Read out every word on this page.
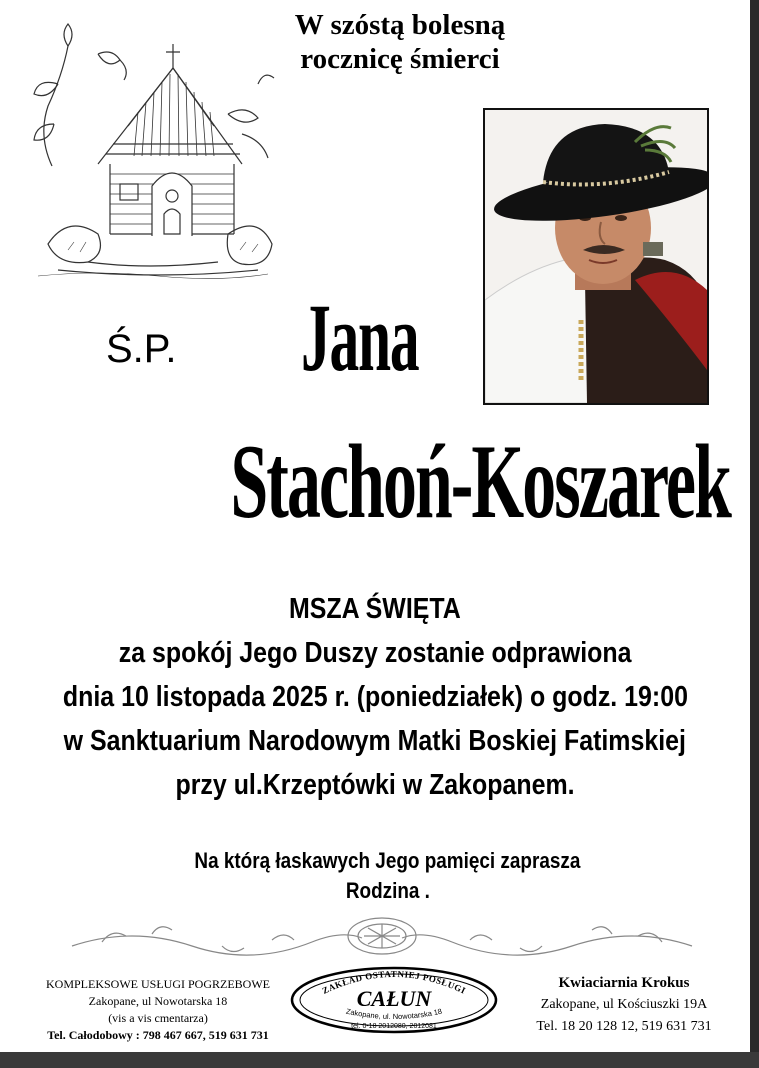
W szóstą bolesną
rocznicę śmierci
Ś.P. Jana
Stachoń-Koszarek
MSZA ŚWIĘTA
za spokój Jego Duszy zostanie odprawiona
dnia 10 listopada 2025 r. (poniedziałek) o godz. 19:00
w Sanktuarium Narodowym Matki Boskiej Fatimskiej
przy ul.Krzeptówki w Zakopanem.
Na którą łaskawych Jego pamięci zaprasza
Rodzina .
KOMPLEKSOWE USŁUGI POGRZEBOWE
Zakopane, ul Nowotarska 18
(vis a vis cmentarza)
Tel. Całodobowy : 798 467 667, 519 631 731
ZAKŁAD OSTATNIEJ POSŁUGI
CAŁUN
Zakopane, ul. Nowotarska 18
tel. 0-18 2012080, 2012081
Kwiaciarnia Krokus
Zakopane, ul Kościuszki 19A
Tel. 18 20 128 12, 519 631 731
